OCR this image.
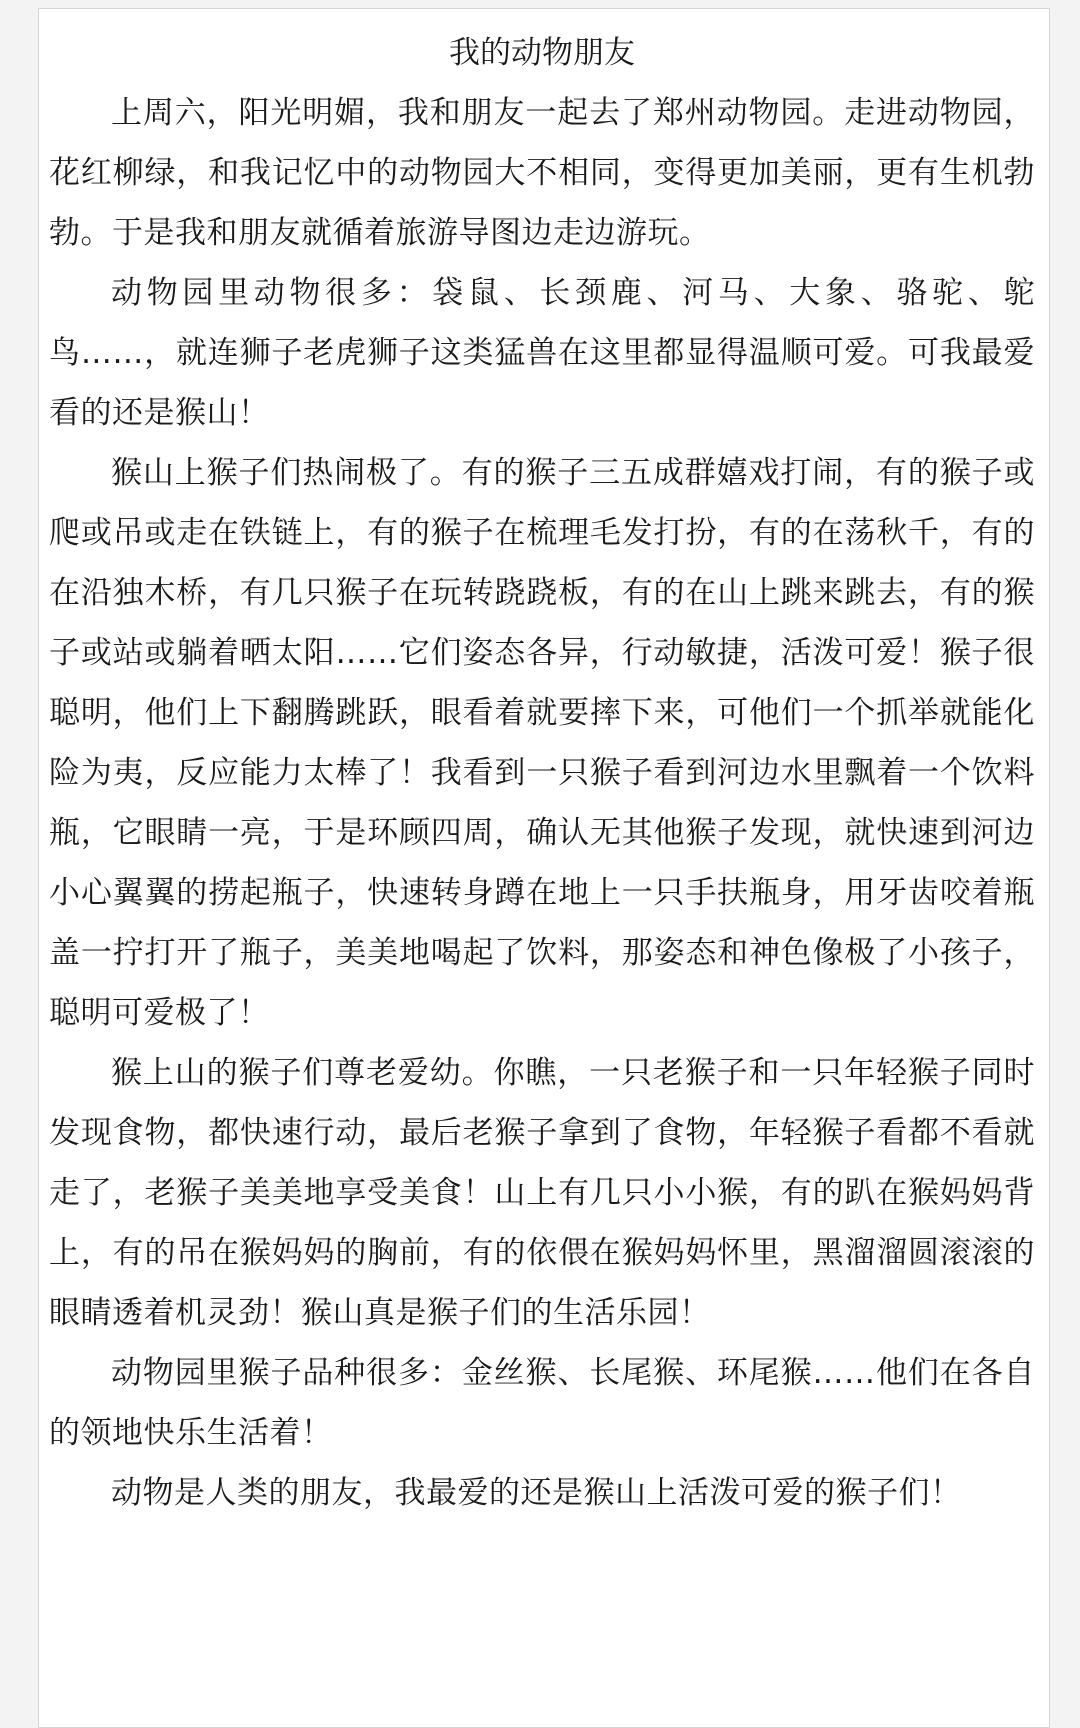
我的动物朋友

上周六，阳光明媚，我和朋友一起去了郑州动物园。走进动物园，花红柳绿，和我记忆中的动物园大不相同，变得更加美丽，更有生机勃勃。于是我和朋友就循着旅游导图边走边游玩。

动物园里动物很多：袋鼠、长颈鹿、河马、大象、骆驼、鸵鸟……，就连狮子老虎狮子这类猛兽在这里都显得温顺可爱。可我最爱看的还是猴山！

猴山上猴子们热闹极了。有的猴子三五成群嬉戏打闹，有的猴子或爬或吊或走在铁链上，有的猴子在梳理毛发打扮，有的在荡秋千，有的在沿独木桥，有几只猴子在玩转跷跷板，有的在山上跳来跳去，有的猴子或站或躺着晒太阳……它们姿态各异，行动敏捷，活泼可爱！猴子很聪明，他们上下翻腾跳跃，眼看着就要摔下来，可他们一个抓举就能化险为夷，反应能力太棒了！我看到一只猴子看到河边水里飘着一个饮料瓶，它眼睛一亮，于是环顾四周，确认无其他猴子发现，就快速到河边小心翼翼的捞起瓶子，快速转身蹲在地上一只手扶瓶身，用牙齿咬着瓶盖一拧打开了瓶子，美美地喝起了饮料，那姿态和神色像极了小孩子，聪明可爱极了！

猴上山的猴子们尊老爱幼。你瞧，一只老猴子和一只年轻猴子同时发现食物，都快速行动，最后老猴子拿到了食物，年轻猴子看都不看就走了，老猴子美美地享受美食！山上有几只小小猴，有的趴在猴妈妈背上，有的吊在猴妈妈的胸前，有的依偎在猴妈妈怀里，黑溜溜圆滚滚的眼睛透着机灵劲！猴山真是猴子们的生活乐园！

动物园里猴子品种很多：金丝猴、长尾猴、环尾猴……他们在各自的领地快乐生活着！

动物是人类的朋友，我最爱的还是猴山上活泼可爱的猴子们！
